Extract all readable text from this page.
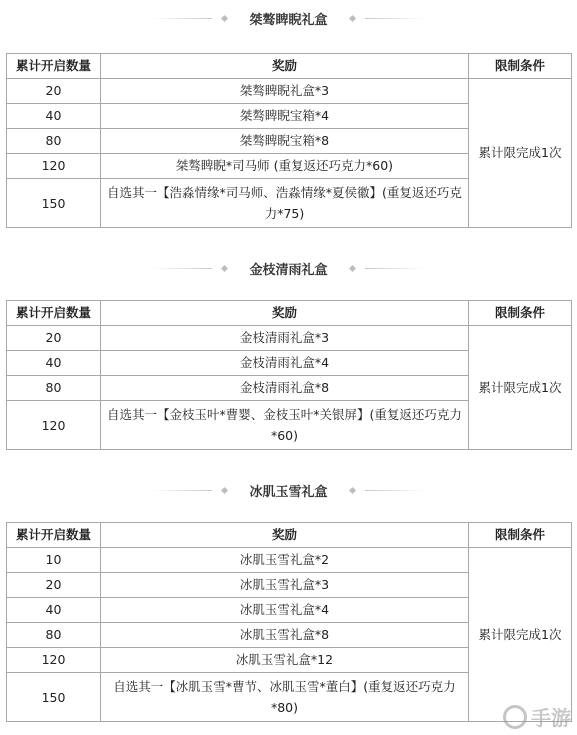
桀骜睥睨礼盒
累计开启数量	奖励	限制条件
20	桀骜睥睨礼盒*3	累计限完成1次
40	桀骜睥睨宝箱*4	
80	桀骜睥睨宝箱*8	
120	桀骜睥睨*司马师 (重复返还巧克力*60)	
150	自选其一【浩淼情缘*司马师、浩淼情缘*夏侯徽】(重复返还巧克力*75)	
金枝清雨礼盒
累计开启数量	奖励	限制条件
20	金枝清雨礼盒*3	累计限完成1次
40	金枝清雨礼盒*4	
80	金枝清雨礼盒*8	
120	自选其一【金枝玉叶*曹婴、金枝玉叶*关银屏】(重复返还巧克力*60)	
冰肌玉雪礼盒
累计开启数量	奖励	限制条件
10	冰肌玉雪礼盒*2	累计限完成1次
20	冰肌玉雪礼盒*3	
40	冰肌玉雪礼盒*4	
80	冰肌玉雪礼盒*8	
120	冰肌玉雪礼盒*12	
150	自选其一【冰肌玉雪*曹节、冰肌玉雪*董白】(重复返还巧克力*80)		手游
